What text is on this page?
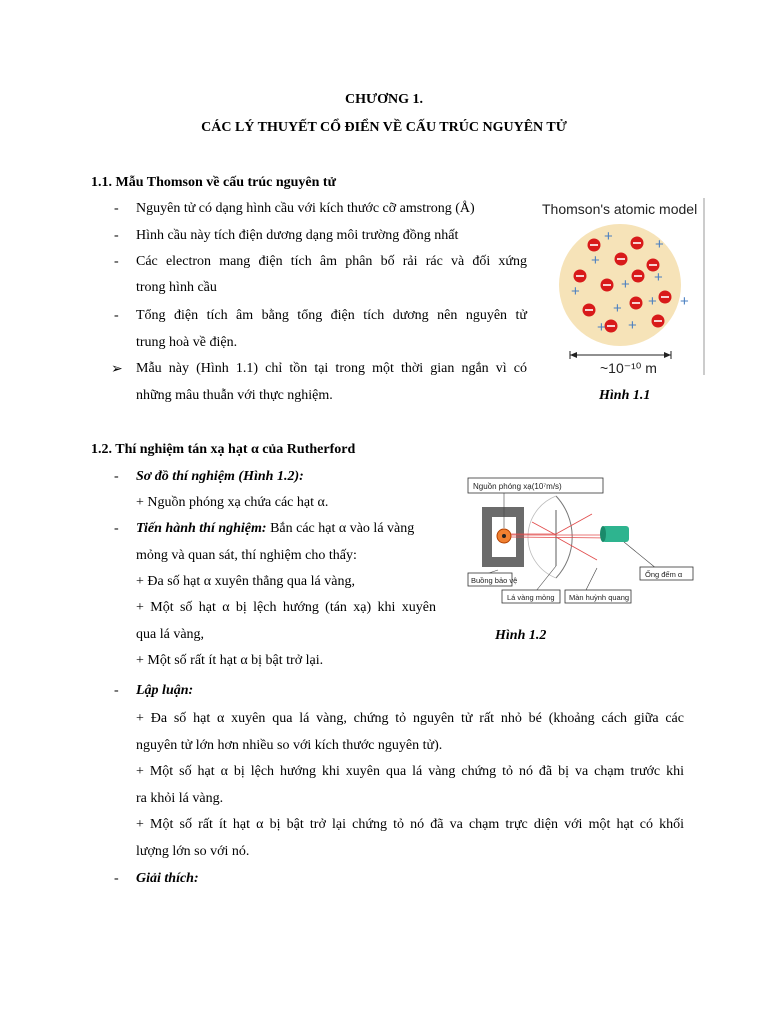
CHƯƠNG 1.
CÁC LÝ THUYẾT CỔ ĐIỂN VỀ CẤU TRÚC NGUYÊN TỬ
1.1. Mẫu Thomson về cấu trúc nguyên tử
-	Nguyên tử có dạng hình cầu với kích thước cỡ amstrong (Å)
-	Hình cầu này tích điện dương dạng môi trường đồng nhất
-	Các electron mang điện tích âm phân bố rải rác và đối xứng
trong hình cầu
-	Tổng điện tích âm bằng tổng điện tích dương nên nguyên tử
trung hoà về điện.
➢ Mẫu này (Hình 1.1) chỉ tồn tại trong một thời gian ngắn vì có
những mâu thuẫn với thực nghiệm.
Thomson's atomic model
+	+
+
+
+
+
+
+ +
+
+
~10⁻¹⁰ m
Hình 1.1
1.2. Thí nghiệm tán xạ hạt α của Rutherford
-	Sơ đồ thí nghiệm (Hình 1.2):
+ Nguồn phóng xạ chứa các hạt α.
-	Tiến hành thí nghiệm: Bắn các hạt α vào lá vàng
mỏng và quan sát, thí nghiệm cho thấy:
+ Đa số hạt α xuyên thẳng qua lá vàng,
+ Một số hạt α bị lệch hướng (tán xạ) khi xuyên
qua lá vàng,
+ Một số rất ít hạt α bị bật trở lại.
Nguồn phóng xạ(10⁷m/s)
Buồng bảo vệ
Lá vàng mỏng Màn huỳnh quang
Ống đếm α
Hình 1.2
-	Lập luận:
+ Đa số hạt α xuyên qua lá vàng, chứng tỏ nguyên tử rất nhỏ bé (khoảng cách giữa các
nguyên tử lớn hơn nhiều so với kích thước nguyên tử).
+ Một số hạt α bị lệch hướng khi xuyên qua lá vàng chứng tỏ nó đã bị va chạm trước khi
ra khỏi lá vàng.
+ Một số rất ít hạt α bị bật trở lại chứng tỏ nó đã va chạm trực diện với một hạt có khối
lượng lớn so với nó.
-	Giải thích:
